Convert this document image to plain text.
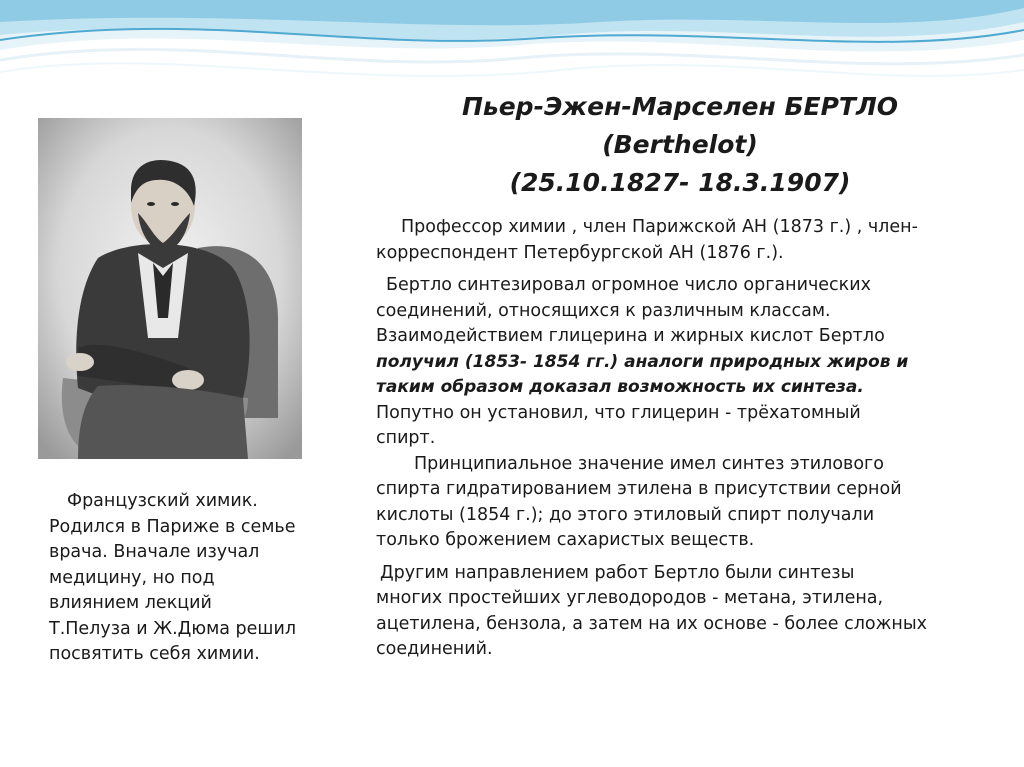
Пьер-Эжен-Марселен БЕРТЛО
(Berthelot)
(25.10.1827- 18.3.1907)

Французский химик.

Родился в Париже в семье

врача. Вначале изучал

медицину, но под

влиянием лекций

Т.Пелуза и Ж.Дюма решил

посвятить себя химии.

Профессор химии , член Парижской АН (1873 г.) , член-
корреспондент Петербургской АН (1876 г.).

Бертло синтезировал огромное число органических
соединений, относящихся к различным классам.
Взаимодействием глицерина и жирных кислот Бертло
получил (1853- 1854 гг.) аналоги природных жиров и
таким образом доказал возможность их синтеза.
Попутно он установил, что глицерин - трёхатомный
спирт.

Принципиальное значение имел синтез этилового
спирта гидратированием этилена в присутствии серной
кислоты (1854 г.); до этого этиловый спирт получали
только брожением сахаристых веществ.

Другим направлением работ Бертло были синтезы
многих простейших углеводородов - метана, этилена,
ацетилена, бензола, а затем на их основе - более сложных
соединений.
